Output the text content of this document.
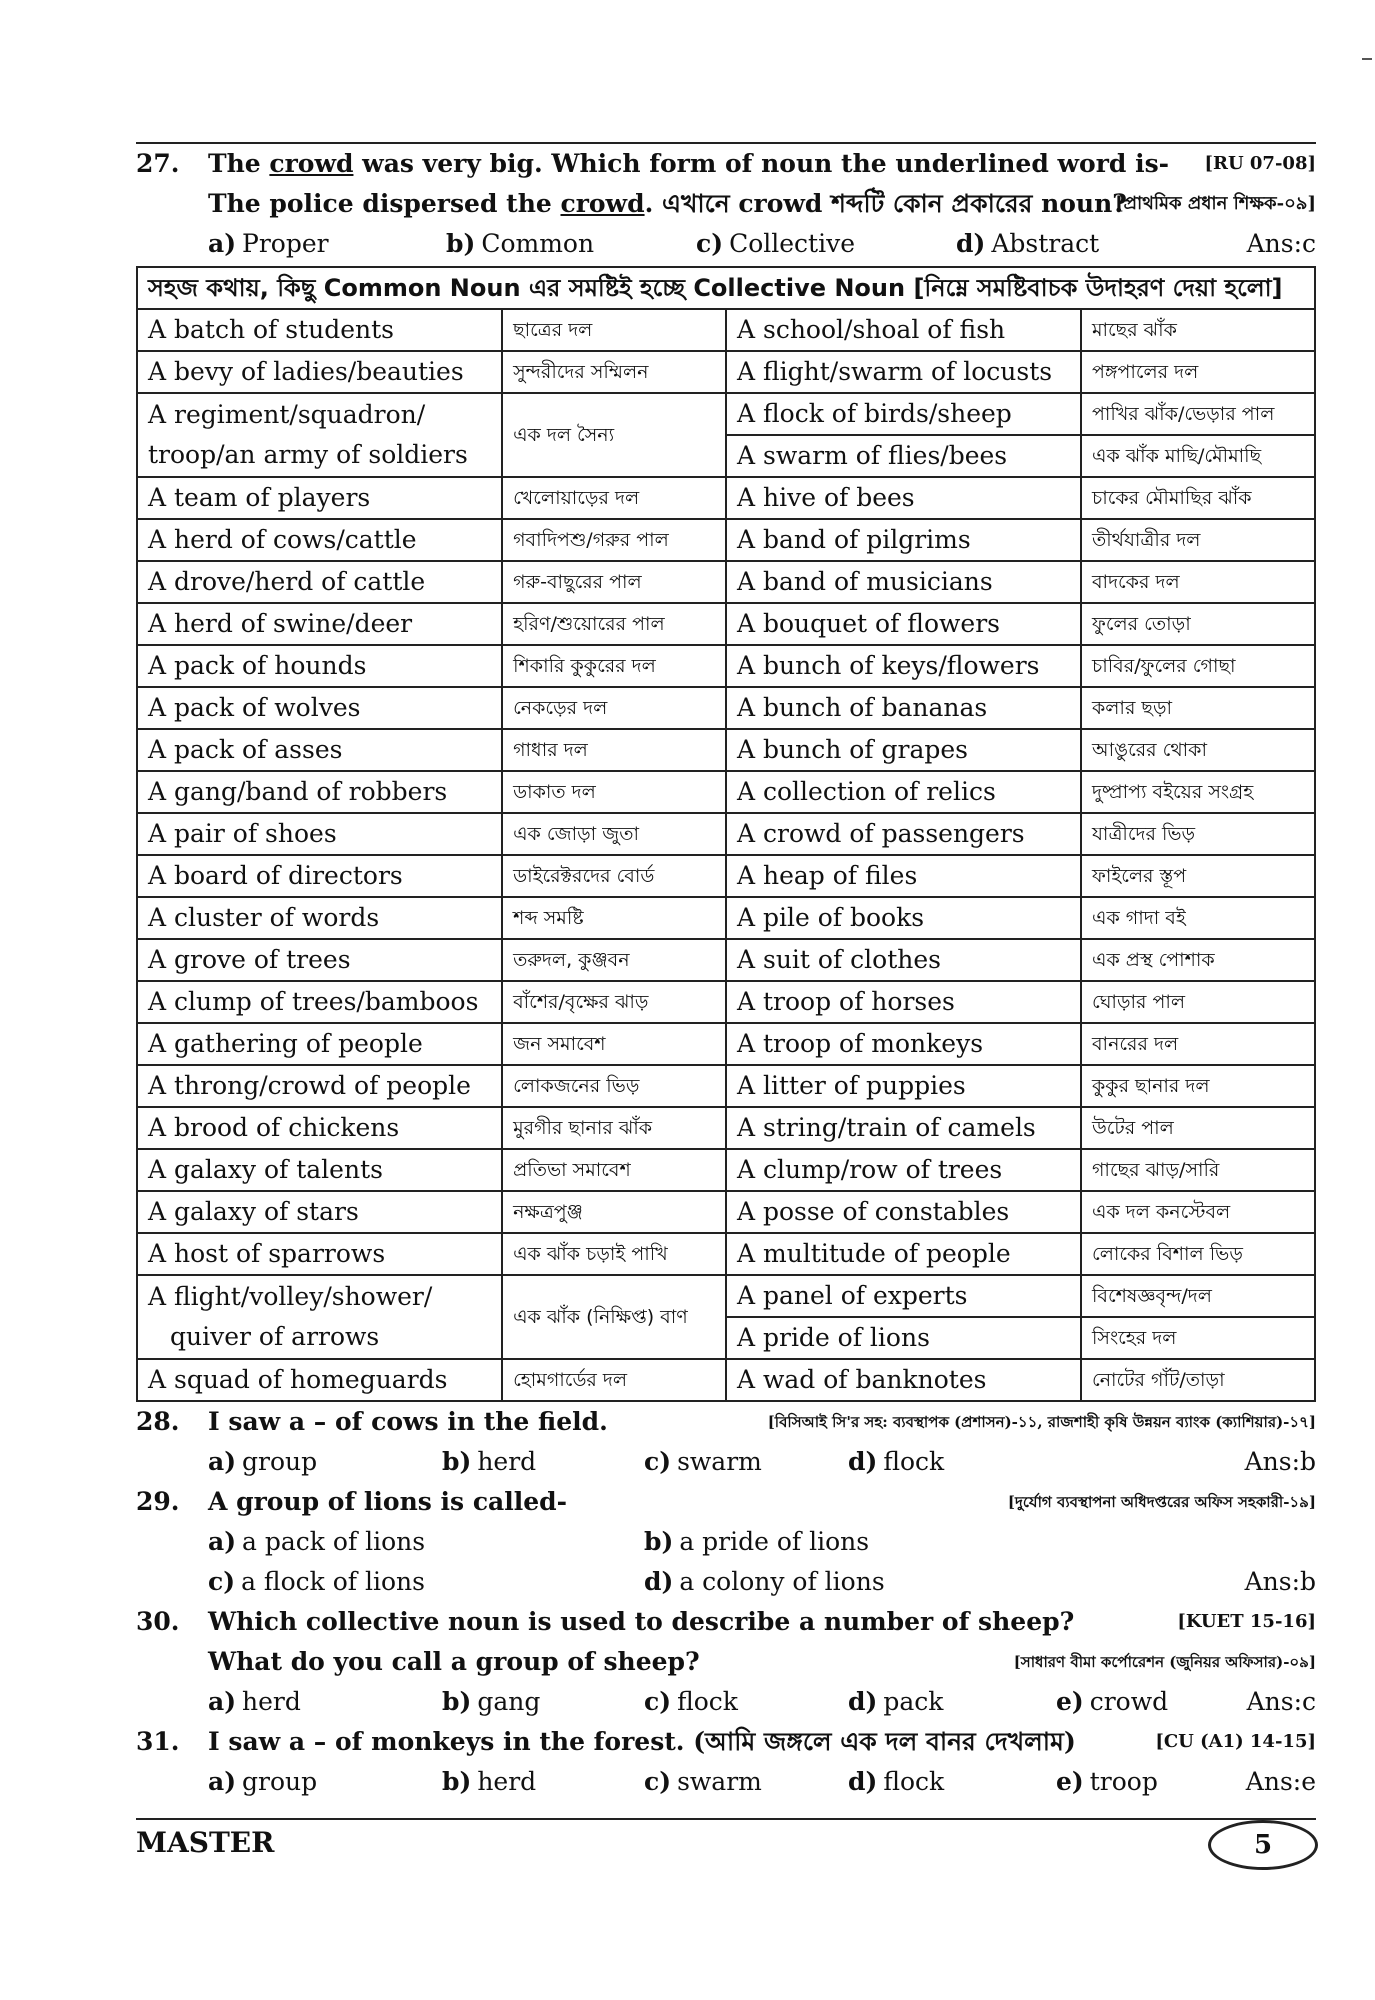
27. The crowd was very big. Which form of noun the underlined word is- [RU 07-08]
The police dispersed the crowd. এখানে crowd শব্দটি কোন প্রকারের noun?
[প্রাথমিক প্রধান শিক্ষক-০৯]
a) Proper	b) Common	c) Collective	d) Abstract	Ans:c
সহজ কথায়, কিছু Common Noun এর সমষ্টিই হচ্ছে Collective Noun [নিম্নে সমষ্টিবাচক উদাহরণ দেয়া হলো]			
A batch of students	ছাত্রের দল	A school/shoal of fish	মাছের ঝাঁক
A bevy of ladies/beauties	সুন্দরীদের সম্মিলন	A flight/swarm of locusts	পঙ্গপালের দল

A regiment/squadron/
troop/an army of soldiers	এক দল সৈন্য	A flock of birds/sheep	পাখির ঝাঁক/ভেড়ার পাল
		A swarm of flies/bees	এক ঝাঁক মাছি/মৌমাছি
A team of players	খেলোয়াড়ের দল	A hive of bees	চাকের মৌমাছির ঝাঁক
A herd of cows/cattle	গবাদিপশু/গরুর পাল	A band of pilgrims	তীর্থযাত্রীর দল
A drove/herd of cattle	গরু-বাছুরের পাল	A band of musicians	বাদকের দল
A herd of swine/deer	হরিণ/শুয়োরের পাল	A bouquet of flowers	ফুলের তোড়া
A pack of hounds	শিকারি কুকুরের দল	A bunch of keys/flowers	চাবির/ফুলের গোছা
A pack of wolves	নেকড়ের দল	A bunch of bananas	কলার ছড়া
A pack of asses	গাধার দল	A bunch of grapes	আঙুরের থোকা
A gang/band of robbers	ডাকাত দল	A collection of relics	দুষ্প্রাপ্য বইয়ের সংগ্রহ
A pair of shoes	এক জোড়া জুতা	A crowd of passengers	যাত্রীদের ভিড়
A board of directors	ডাইরেক্টরদের বোর্ড	A heap of files	ফাইলের স্তূপ
A cluster of words	শব্দ সমষ্টি	A pile of books	এক গাদা বই
A grove of trees	তরুদল, কুঞ্জবন	A suit of clothes	এক প্রস্থ পোশাক
A clump of trees/bamboos	বাঁশের/বৃক্ষের ঝাড়	A troop of horses	ঘোড়ার পাল
A gathering of people	জন সমাবেশ	A troop of monkeys	বানরের দল
A throng/crowd of people	লোকজনের ভিড়	A litter of puppies	কুকুর ছানার দল
A brood of chickens	মুরগীর ছানার ঝাঁক	A string/train of camels	উটের পাল
A galaxy of talents	প্রতিভা সমাবেশ	A clump/row of trees	গাছের ঝাড়/সারি
A galaxy of stars	নক্ষত্রপুঞ্জ	A posse of constables	এক দল কনস্টেবল
A host of sparrows	এক ঝাঁক চড়াই পাখি	A multitude of people	লোকের বিশাল ভিড়

A flight/volley/shower/
quiver of arrows	এক ঝাঁক (নিক্ষিপ্ত) বাণ	A panel of experts	বিশেষজ্ঞবৃন্দ/দল
		A pride of lions	সিংহের দল
A squad of homeguards	হোমগার্ডের দল	A wad of banknotes	নোটের গাঁট/তাড়া
28. I saw a – of cows in the field.	[বিসিআই সি'র সহ: ব্যবস্থাপক (প্রশাসন)-১১, রাজশাহী কৃষি উন্নয়ন ব্যাংক (ক্যাশিয়ার)-১৭]
a) group	b) herd	c) swarm	d) flock	Ans:b
29. A group of lions is called-	[দুর্যোগ ব্যবস্থাপনা অধিদপ্তরের অফিস সহকারী-১৯]
a) a pack of lions	b) a pride of lions
c) a flock of lions	d) a colony of lions	Ans:b
30. Which collective noun is used to describe a number of sheep?	[KUET 15-16]
What do you call a group of sheep?	[সাধারণ বীমা কর্পোরেশন (জুনিয়র অফিসার)-০৯]
a) herd	b) gang	c) flock	d) pack	e) crowd	Ans:c
31. I saw a – of monkeys in the forest. (আমি জঙ্গলে এক দল বানর দেখলাম)	[CU (A1) 14-15]
a) group	b) herd	c) swarm	d) flock	e) troop	Ans:e
MASTER	5
